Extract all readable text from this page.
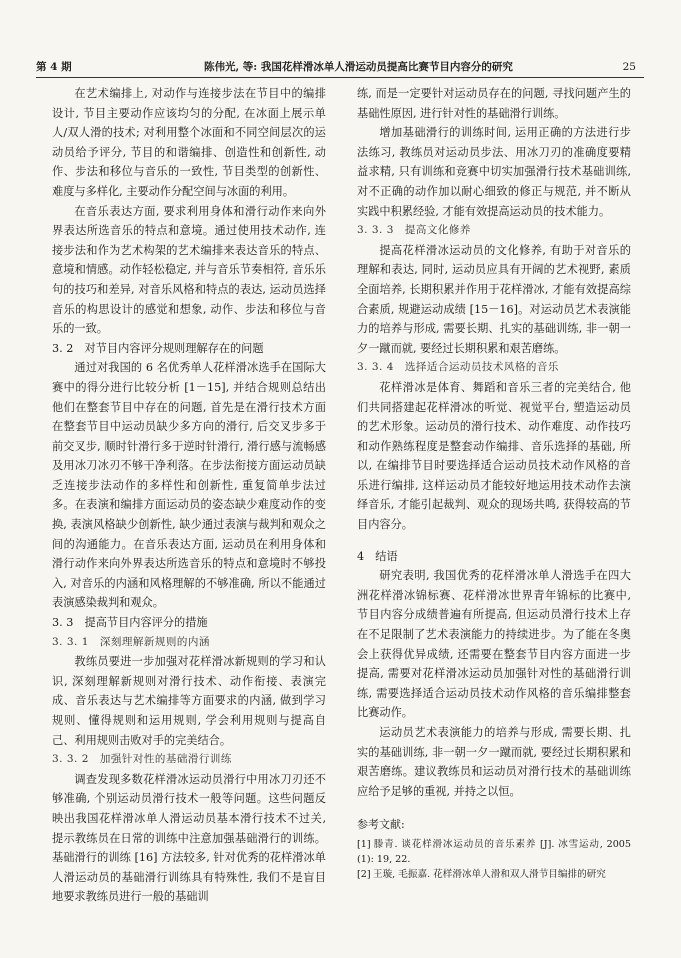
第 4 期	陈伟光, 等: 我国花样滑冰单人滑运动员提高比赛节目内容分的研究	25

在艺术编排上, 对动作与连接步法在节目中的编排设计, 节目主要动作应该均匀的分配, 在冰面上展示单人/双人滑的技术; 对利用整个冰面和不同空间层次的运动员给予评分, 节目的和谐编排、创造性和创新性, 动作、步法和移位与音乐的一致性, 节目类型的创新性、难度与多样化, 主要动作分配空间与冰面的利用。

在音乐表达方面, 要求利用身体和滑行动作来向外界表达所选音乐的特点和意境。通过使用技术动作, 连接步法和作为艺术构架的艺术编排来表达音乐的特点、意境和情感。动作轻松稳定, 并与音乐节奏相符, 音乐乐句的技巧和差异, 对音乐风格和特点的表达, 运动员选择音乐的构思设计的感觉和想象, 动作、步法和移位与音乐的一致。

3. 2　对节目内容评分规则理解存在的问题

通过对我国的 6 名优秀单人花样滑冰选手在国际大赛中的得分进行比较分析 [1－15], 并结合规则总结出他们在整套节目中存在的问题, 首先是在滑行技术方面在整套节目中运动员缺少多方向的滑行, 后交叉步多于前交叉步, 顺时针滑行多于逆时针滑行, 滑行感与流畅感及用冰刀冰刃不够干净利落。在步法衔接方面运动员缺乏连接步法动作的多样性和创新性, 重复简单步法过多。在表演和编排方面运动员的姿态缺少难度动作的变换, 表演风格缺少创新性, 缺少通过表演与裁判和观众之间的沟通能力。在音乐表达方面, 运动员在利用身体和滑行动作来向外界表达所选音乐的特点和意境时不够投入, 对音乐的内涵和风格理解的不够准确, 所以不能通过表演感染裁判和观众。

3. 3　提高节目内容评分的措施

3. 3. 1　深刻理解新规则的内涵

教练员要进一步加强对花样滑冰新规则的学习和认识, 深刻理解新规则对滑行技术、动作衔接、表演完成、音乐表达与艺术编排等方面要求的内涵, 做到学习规则、懂得规则和运用规则, 学会利用规则与提高自己、利用规则击败对手的完美结合。

3. 3. 2　加强针对性的基础滑行训练

调查发现多数花样滑冰运动员滑行中用冰刀刃还不够准确, 个别运动员滑行技术一般等问题。这些问题反映出我国花样滑冰单人滑运动员基本滑行技术不过关, 提示教练员在日常的训练中注意加强基础滑行的训练。基础滑行的训练 [16] 方法较多, 针对优秀的花样滑冰单人滑运动员的基础滑行训练具有特殊性, 我们不是盲目地要求教练员进行一般的基础训

练, 而是一定要针对运动员存在的问题, 寻找问题产生的基础性原因, 进行针对性的基础滑行训练。

增加基础滑行的训练时间, 运用正确的方法进行步法练习, 教练员对运动员步法、用冰刀刃的准确度要精益求精, 只有训练和竞赛中切实加强滑行技术基础训练, 对不正确的动作加以耐心细致的修正与规范, 并不断从实践中积累经验, 才能有效提高运动员的技术能力。

3. 3. 3　提高文化修养

提高花样滑冰运动员的文化修养, 有助于对音乐的理解和表达, 同时, 运动员应具有开阔的艺术视野, 素质全面培养, 长期积累并作用于花样滑冰, 才能有效提高综合素质, 规避运动成绩 [15－16]。对运动员艺术表演能力的培养与形成, 需要长期、扎实的基础训练, 非一朝一夕一蹴而就, 要经过长期积累和艰苦磨练。

3. 3. 4　选择适合运动员技术风格的音乐

花样滑冰是体育、舞蹈和音乐三者的完美结合, 他们共同搭建起花样滑冰的听觉、视觉平台, 塑造运动员的艺术形象。运动员的滑行技术、动作难度、动作技巧和动作熟练程度是整套动作编排、音乐选择的基础, 所以, 在编排节目时要选择适合运动员技术动作风格的音乐进行编排, 这样运动员才能较好地运用技术动作去演绎音乐, 才能引起裁判、观众的现场共鸣, 获得较高的节目内容分。

4　结语

研究表明, 我国优秀的花样滑冰单人滑选手在四大洲花样滑冰锦标赛、花样滑冰世界青年锦标的比赛中, 节目内容分成绩普遍有所提高, 但运动员滑行技术上存在不足限制了艺术表演能力的持续进步。为了能在冬奥会上获得优异成绩, 还需要在整套节目内容方面进一步提高, 需要对花样滑冰运动员加强针对性的基础滑行训练, 需要选择适合运动员技术动作风格的音乐编排整套比赛动作。

运动员艺术表演能力的培养与形成, 需要长期、扎实的基础训练, 非一朝一夕一蹴而就, 要经过长期积累和艰苦磨练。建议教练员和运动员对滑行技术的基础训练应给予足够的重视, 并持之以恒。

参考文献:

[1] 滕青. 谈花样滑冰运动员的音乐素养 [J]. 冰雪运动, 2005 (1): 19, 22.

[2] 王璇, 毛振嘉. 花样滑冰单人滑和双人滑节目编排的研究
